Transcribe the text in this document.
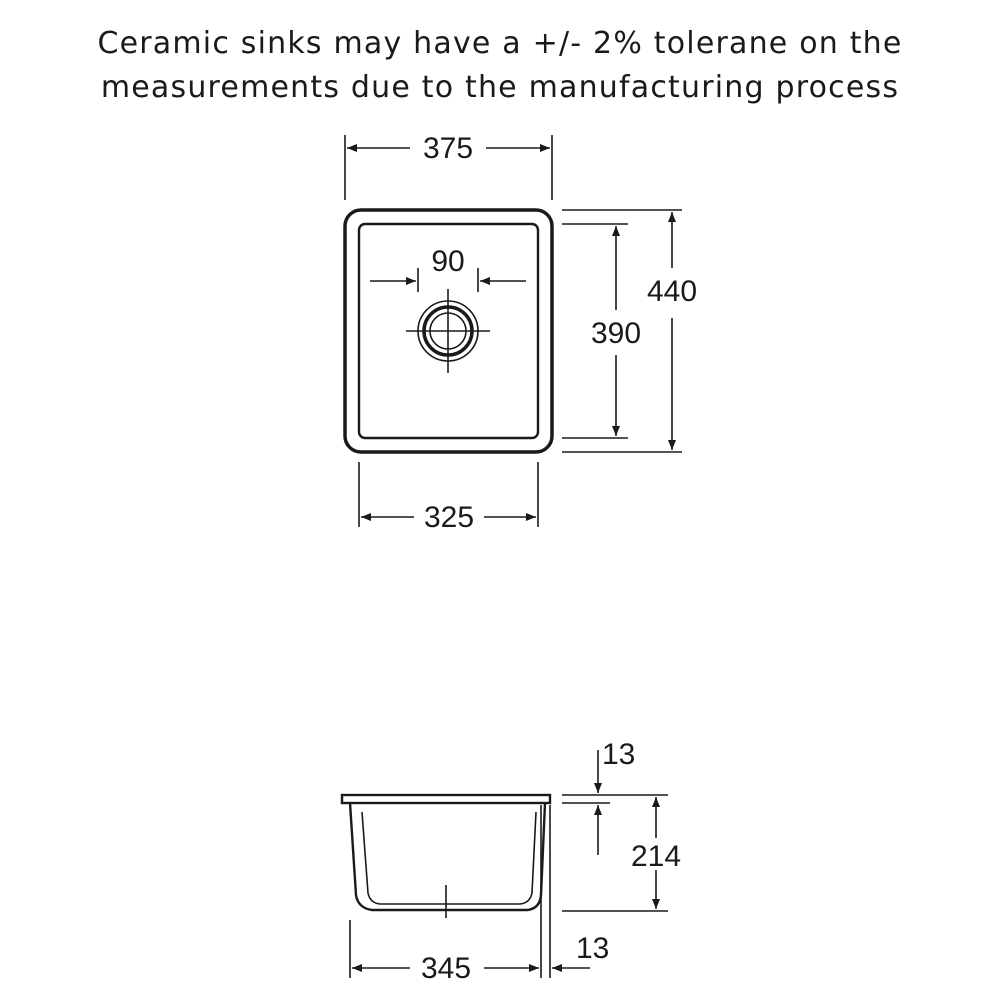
Ceramic sinks may have a +/- 2% tolerane on the
measurements due to the manufacturing process
375
90
440
390
325
13
214
345
13
